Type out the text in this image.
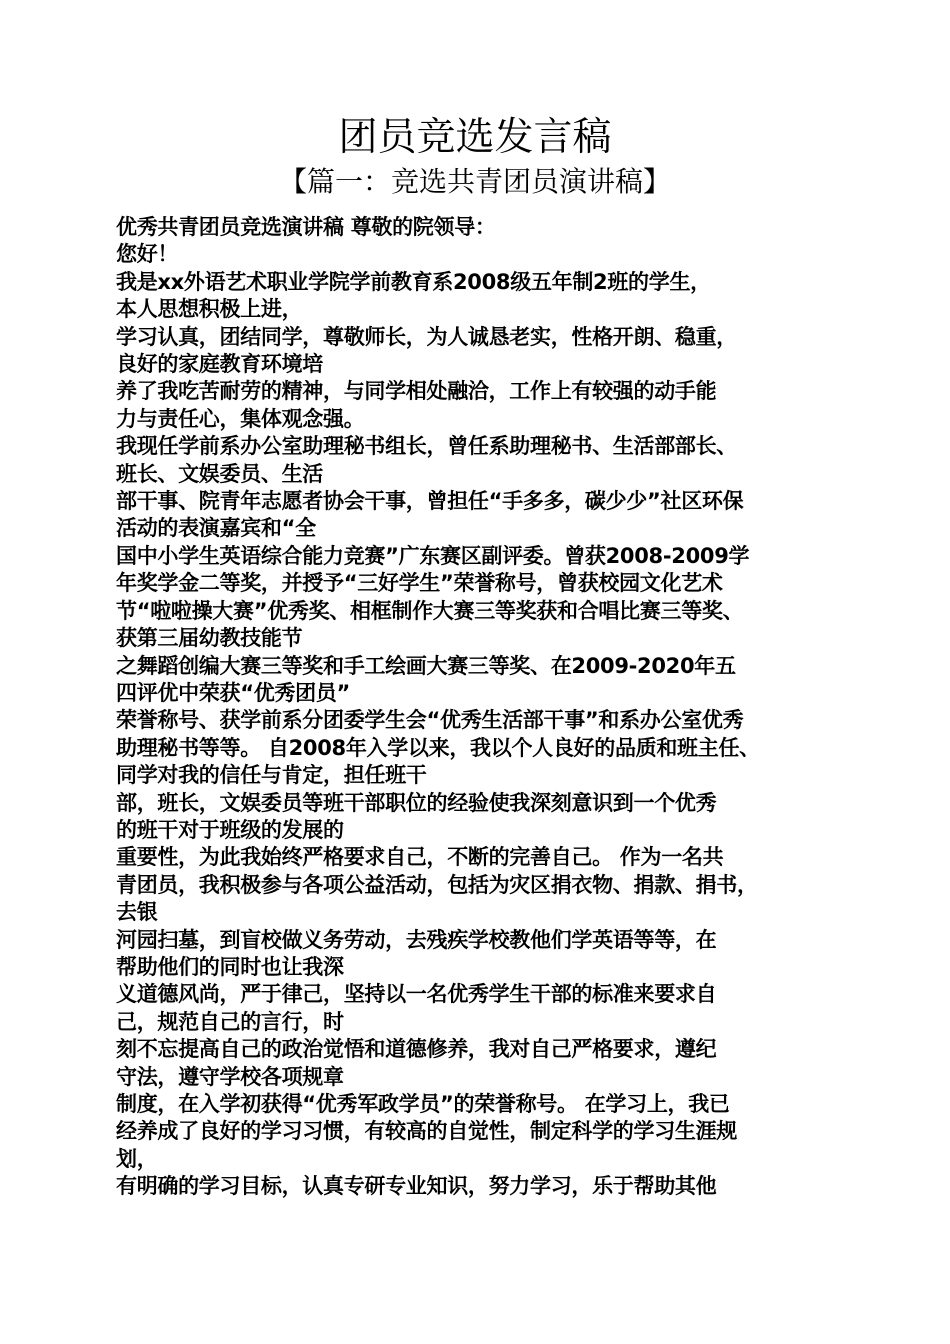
团员竞选发言稿
【篇一：竞选共青团员演讲稿】
优秀共青团员竞选演讲稿 尊敬的院领导：
您好！
我是xx外语艺术职业学院学前教育系2008级五年制2班的学生，
本人思想积极上进，
学习认真，团结同学，尊敬师长，为人诚恳老实，性格开朗、稳重，
良好的家庭教育环境培
养了我吃苦耐劳的精神，与同学相处融洽，工作上有较强的动手能
力与责任心，集体观念强。
我现任学前系办公室助理秘书组长，曾任系助理秘书、生活部部长、
班长、文娱委员、生活
部干事、院青年志愿者协会干事，曾担任“手多多，碳少少”社区环保
活动的表演嘉宾和“全
国中小学生英语综合能力竞赛”广东赛区副评委。曾获2008-2009学
年奖学金二等奖，并授予“三好学生”荣誉称号，曾获校园文化艺术
节“啦啦操大赛”优秀奖、相框制作大赛三等奖获和合唱比赛三等奖、
获第三届幼教技能节
之舞蹈创编大赛三等奖和手工绘画大赛三等奖、在2009-2020年五
四评优中荣获“优秀团员”
荣誉称号、获学前系分团委学生会“优秀生活部干事”和系办公室优秀
助理秘书等等。 自2008年入学以来，我以个人良好的品质和班主任、
同学对我的信任与肯定，担任班干
部，班长，文娱委员等班干部职位的经验使我深刻意识到一个优秀
的班干对于班级的发展的
重要性，为此我始终严格要求自己，不断的完善自己。 作为一名共
青团员，我积极参与各项公益活动，包括为灾区捐衣物、捐款、捐书，
去银
河园扫墓，到盲校做义务劳动，去残疾学校教他们学英语等等，在
帮助他们的同时也让我深
义道德风尚，严于律己，坚持以一名优秀学生干部的标准来要求自
己，规范自己的言行，时
刻不忘提高自己的政治觉悟和道德修养，我对自己严格要求，遵纪
守法，遵守学校各项规章
制度，在入学初获得“优秀军政学员”的荣誉称号。 在学习上，我已
经养成了良好的学习习惯，有较高的自觉性，制定科学的学习生涯规
划，
有明确的学习目标，认真专研专业知识，努力学习，乐于帮助其他
